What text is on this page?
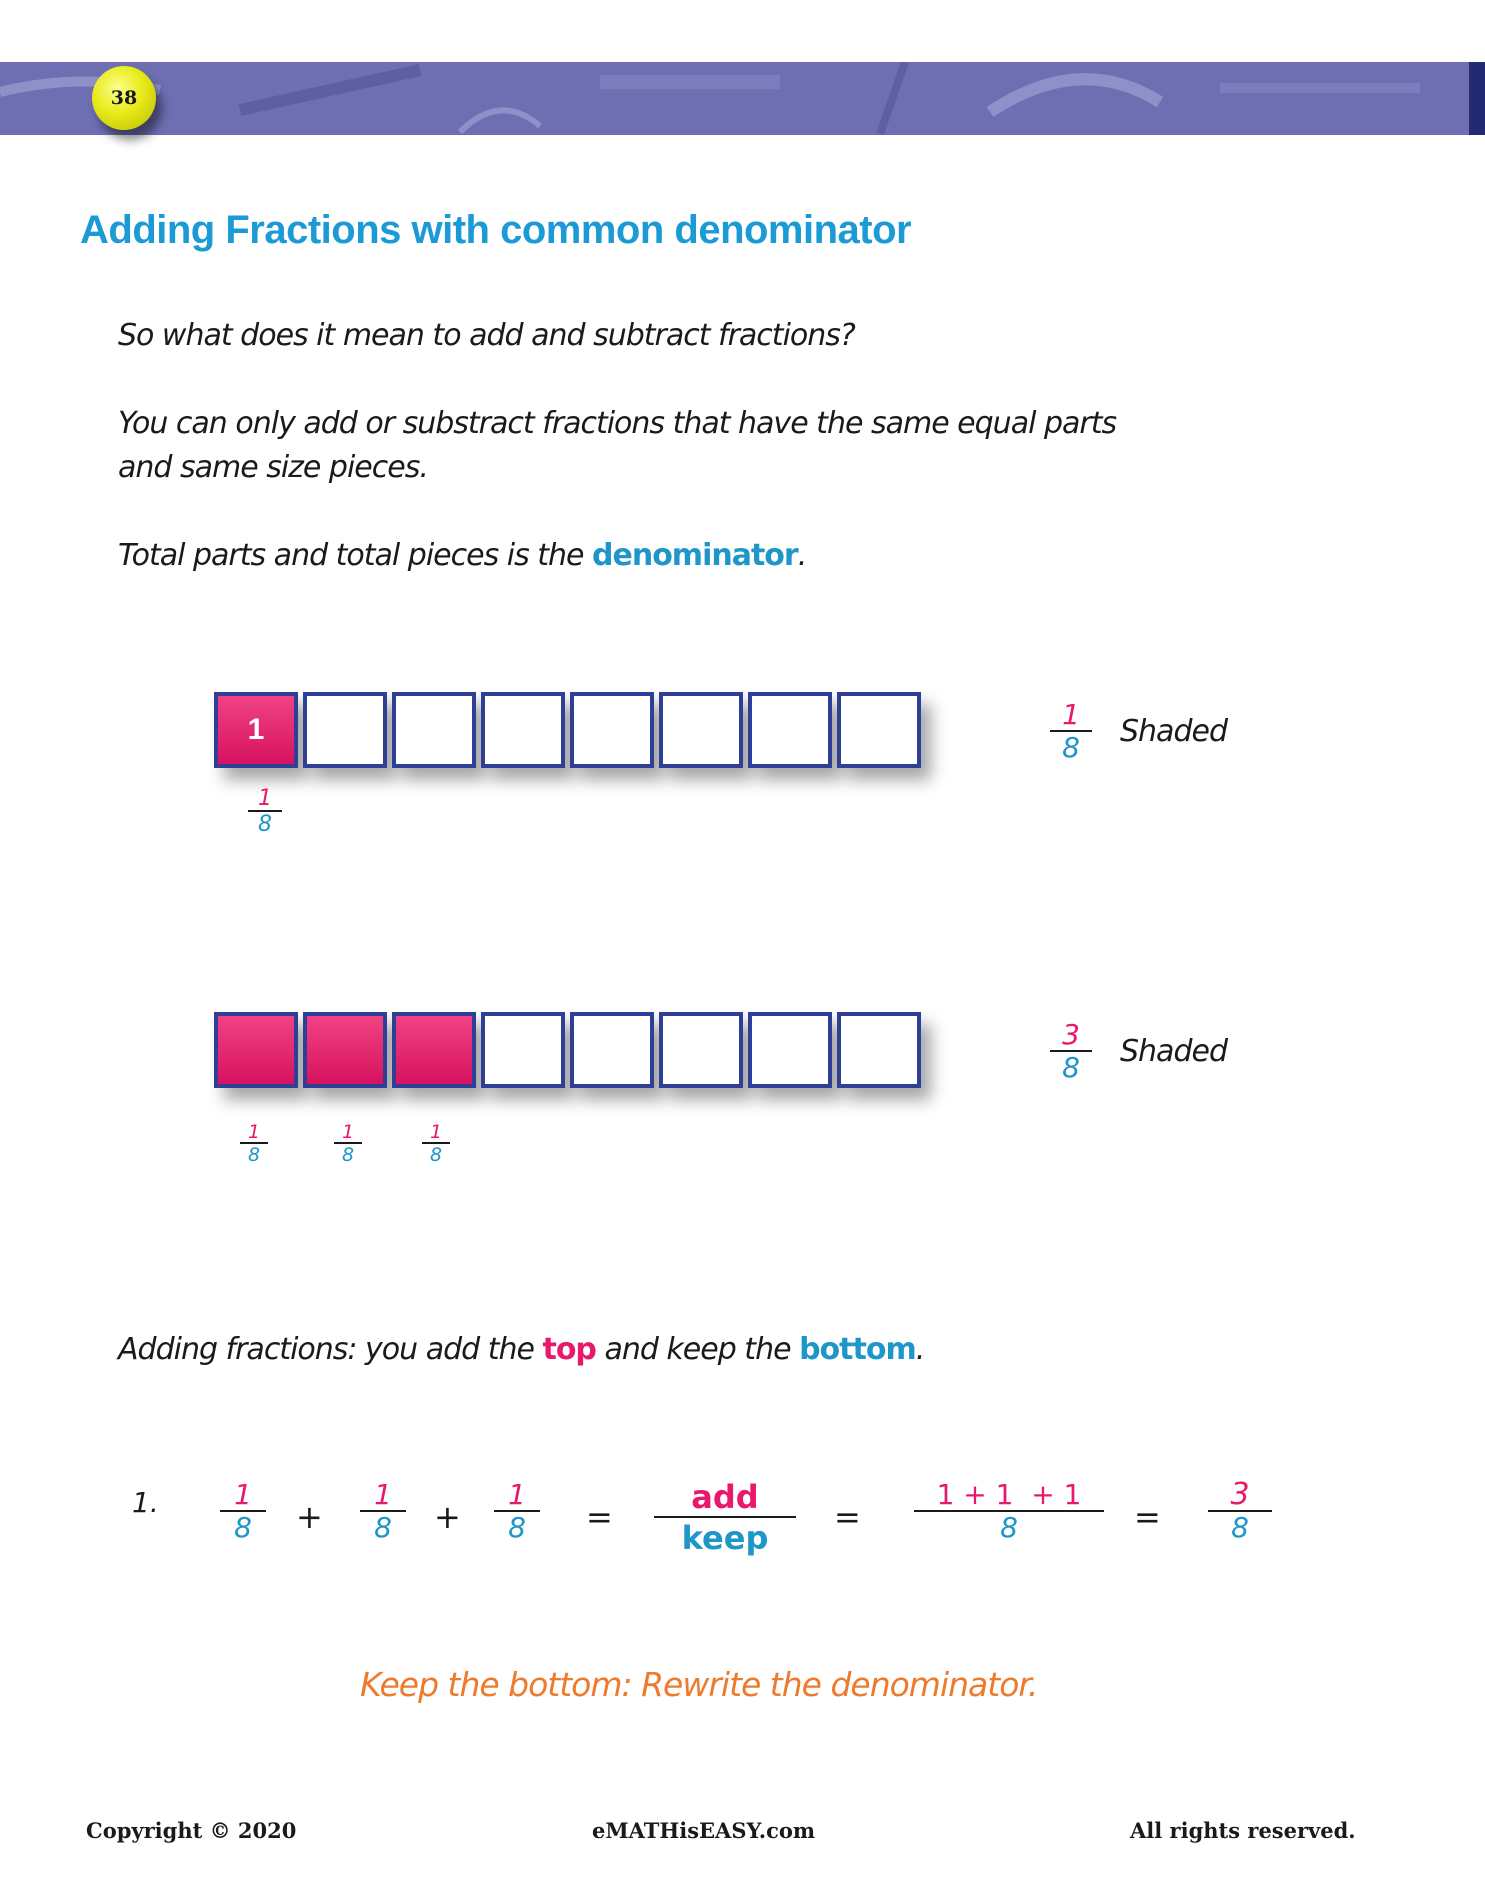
38
Adding Fractions with common denominator
So what does it mean to add and subtract fractions?
You can only add or substract fractions that have the same equal parts
and same size pieces.
Total parts and total pieces is the denominator.
1
1
8
1
8 Shaded
1
8
1
8
1
8
3
8 Shaded
Adding fractions: you add the top and keep the bottom.
1.	1
8 +
1
8 +
1
8 =
add
keep
=
1 + 1  + 1
8	=
3
8
Keep the bottom: Rewrite the denominator.
Copyright © 2020	eMATHisEASY.com	All rights reserved.
